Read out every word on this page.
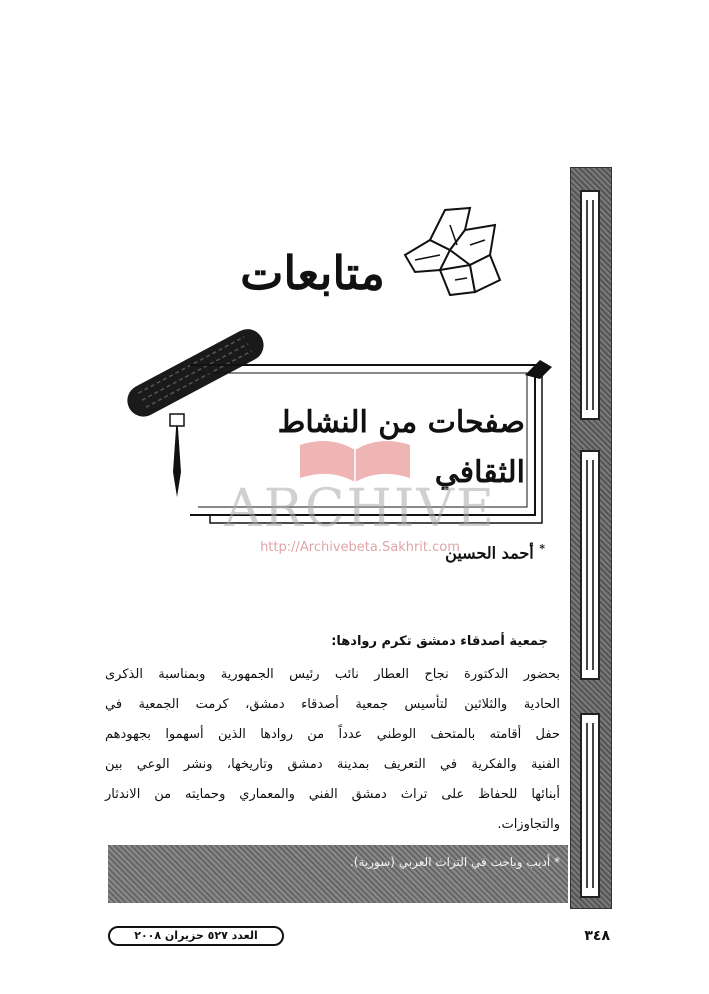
متابعات
صفحات من النشاط الثقافي
* أحمد الحسين
ARCHIVE
http://Archivebeta.Sakhrit.com
جمعية أصدقاء دمشق تكرم روادها:
بحضور الدكتورة نجاح العطار نائب رئيس الجمهورية وبمناسبة الذكرى
الحادية والثلاثين لتأسيس جمعية أصدقاء دمشق، كرمت الجمعية في
حفل أقامته بالمتحف الوطني عدداً من روادها الذين أسهموا بجهودهم
الفنية والفكرية في التعريف بمدينة دمشق وتاريخها، ونشر الوعي بين
أبنائها للحفاظ على تراث دمشق الفني والمعماري وحمايته من الاندثار
والتجاوزات.
* أديب وباحث في التراث العربي (سورية).
العدد ٥٢٧ حزيران ٢٠٠٨	٣٤٨
